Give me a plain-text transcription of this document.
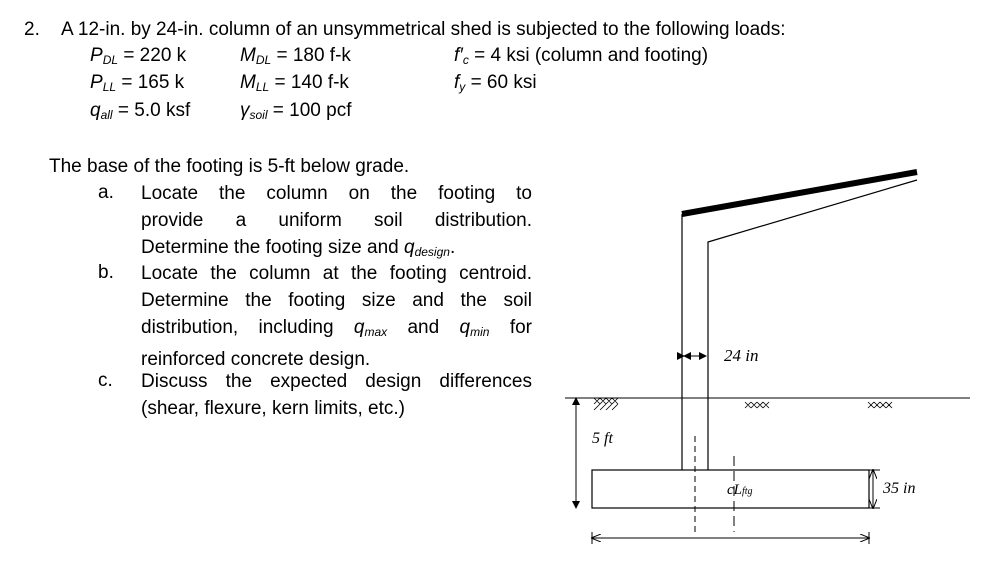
2. A 12-in. by 24-in. column of an unsymmetrical shed is subjected to the following loads:
PDL = 220 k
PLL = 165 k
qall = 5.0 ksf
MDL = 180 f-k
MLL = 140 f-k
γsoil = 100 pcf
f′c = 4 ksi (column and footing)
fy = 60 ksi
The base of the footing is 5-ft below grade.
a. Locate the column on the footing to
provide a uniform soil distribution.
Determine the footing size and qdesign.
b. Locate the column at the footing centroid.
Determine the footing size and the soil
distribution, including qmax and qmin for
reinforced concrete design.
c. Discuss the expected design differences
(shear, flexure, kern limits, etc.)
24 in
5 ft
35 in
cLftg
